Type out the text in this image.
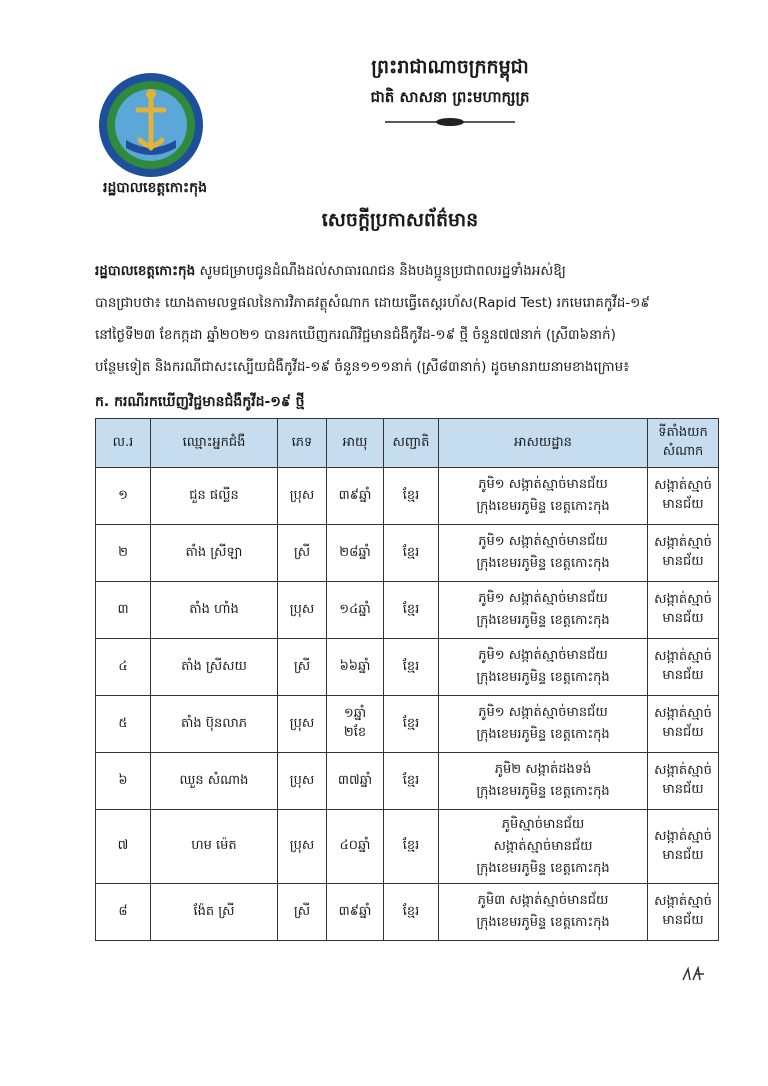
រដ្ឋបាលខេត្តកោះកុង
ព្រះរាជាណាចក្រកម្ពុជា
ជាតិ សាសនា ព្រះមហាក្សត្រ
សេចក្តីប្រកាសព័ត៌មាន
រដ្ឋបាលខេត្តកោះកុង សូមជម្រាបជូនដំណឹងដល់សាធារណជន និងបងប្អូនប្រជាពលរដ្ឋទាំងអស់ឱ្យ
បានជ្រាបថា៖ យោងតាមលទ្ធផលនៃការវិភាគវត្ថុសំណាក ដោយធ្វើតេស្តរហ័ស(Rapid Test) រកមេរោគកូវីដ-១៩
នៅថ្ងៃទី២៣ ខែកក្កដា ឆ្នាំ២០២១ បានរកឃើញករណីវិជ្ជមានជំងឺកូវីដ-១៩ ថ្មី ចំនួន៧៧នាក់ (ស្រី៣៦នាក់)
បន្ថែមទៀត និងករណីជាសះស្បើយជំងឺកូវីដ-១៩ ចំនួន១១១នាក់ (ស្រី៨៣នាក់) ដូចមានរាយនាមខាងក្រោម៖
ក. ករណីរកឃើញវិជ្ជមានជំងឺកូវីដ-១៩ ថ្មី
ល.រ	ឈ្មោះអ្នកជំងឺ	ភេទ	អាយុ	សញ្ជាតិ	អាសយដ្ឋាន	ទីតាំងយក
សំណាក
១	ជួន ផល្លីន	ប្រុស	៣៩ឆ្នាំ	ខ្មែរ	ភូមិ១ សង្កាត់ស្មាច់មានជ័យ
ក្រុងខេមរភូមិន្ទ ខេត្តកោះកុង	សង្កាត់ស្មាច់មានជ័យ
២	តាំង ស្រីឡា	ស្រី	២៨ឆ្នាំ	ខ្មែរ	ភូមិ១ សង្កាត់ស្មាច់មានជ័យ
ក្រុងខេមរភូមិន្ទ ខេត្តកោះកុង	សង្កាត់ស្មាច់មានជ័យ
៣	តាំង ហាំង	ប្រុស	១៤ឆ្នាំ	ខ្មែរ	ភូមិ១ សង្កាត់ស្មាច់មានជ័យ
ក្រុងខេមរភូមិន្ទ ខេត្តកោះកុង	សង្កាត់ស្មាច់មានជ័យ
៤	តាំង ស្រីសយ	ស្រី	៦៦ឆ្នាំ	ខ្មែរ	ភូមិ១ សង្កាត់ស្មាច់មានជ័យ
ក្រុងខេមរភូមិន្ទ ខេត្តកោះកុង	សង្កាត់ស្មាច់មានជ័យ
៥	តាំង ប៊ុនលាភ	ប្រុស	១ឆ្នាំ ២ខែ	ខ្មែរ	ភូមិ១ សង្កាត់ស្មាច់មានជ័យ
ក្រុងខេមរភូមិន្ទ ខេត្តកោះកុង	សង្កាត់ស្មាច់មានជ័យ
៦	ឈួន សំណាង	ប្រុស	៣៧ឆ្នាំ	ខ្មែរ	ភូមិ២ សង្កាត់ដងទង់
ក្រុងខេមរភូមិន្ទ ខេត្តកោះកុង	សង្កាត់ស្មាច់មានជ័យ
៧	ហម ម៉េត	ប្រុស	៤០ឆ្នាំ	ខ្មែរ	ភូមិស្មាច់មានជ័យ
សង្កាត់ស្មាច់មានជ័យ
ក្រុងខេមរភូមិន្ទ ខេត្តកោះកុង	សង្កាត់ស្មាច់មានជ័យ
៨	ង៉ែត ស្រី	ស្រី	៣៩ឆ្នាំ	ខ្មែរ	ភូមិ៣ សង្កាត់ស្មាច់មានជ័យ
ក្រុងខេមរភូមិន្ទ ខេត្តកោះកុង	សង្កាត់ស្មាច់មានជ័យ
